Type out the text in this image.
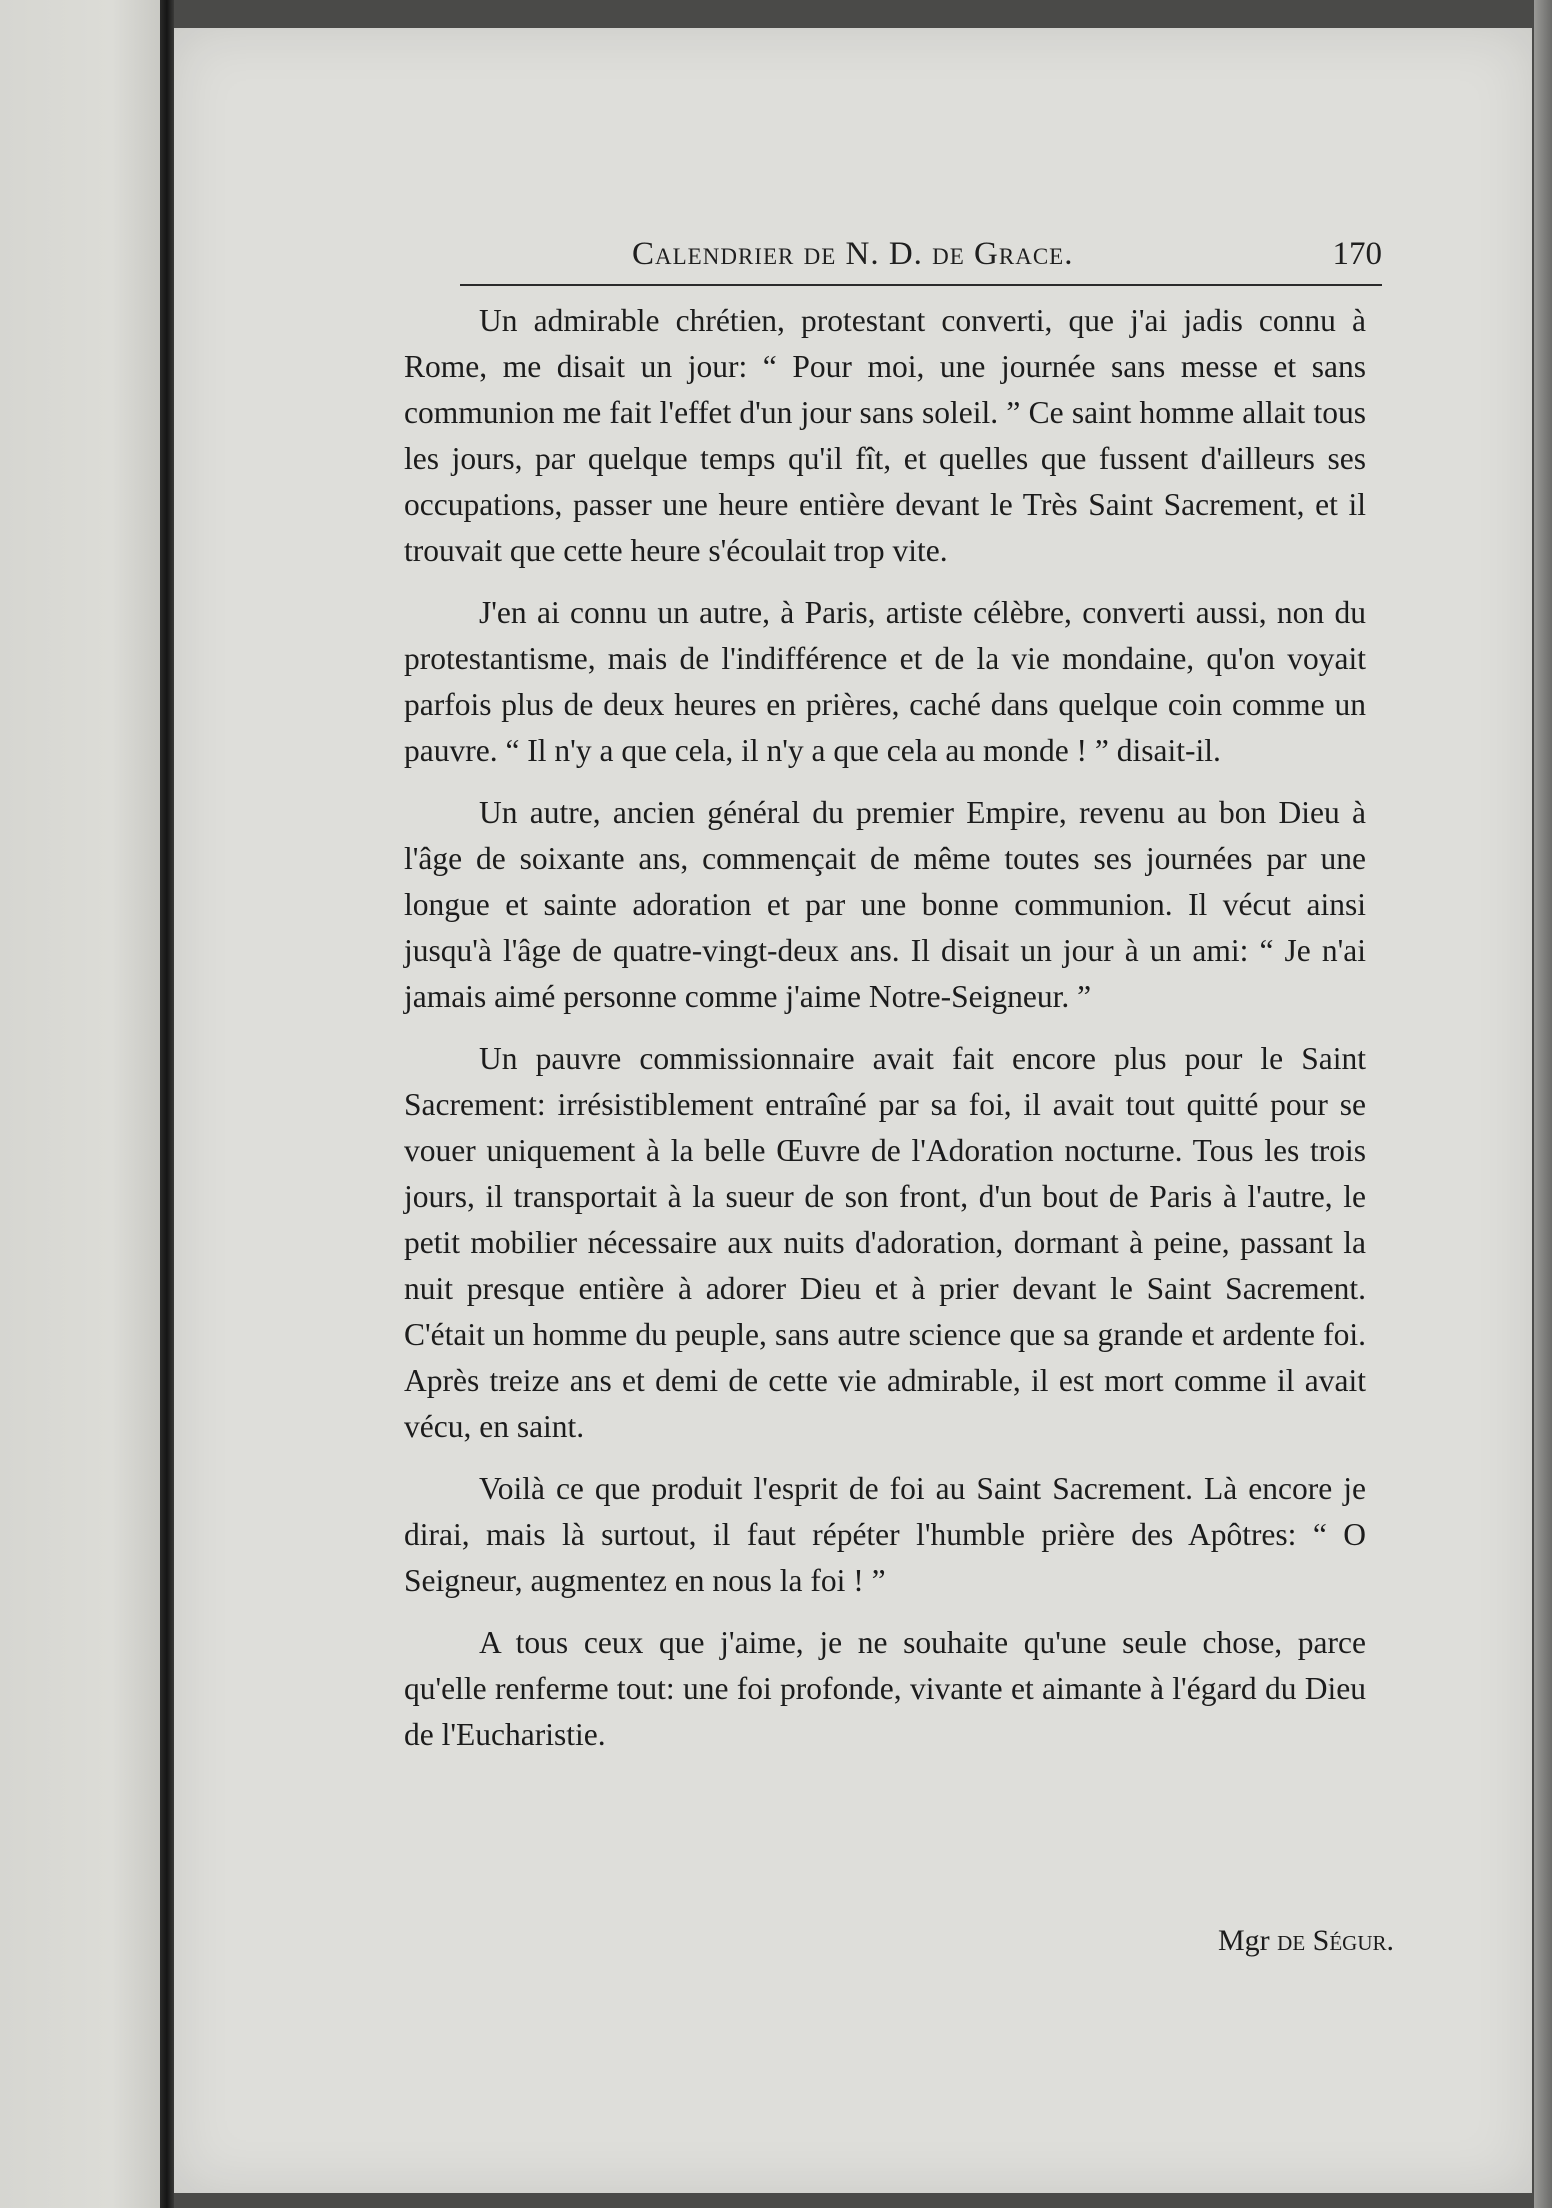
Calendrier de N. D. de Grace.	170

Un admirable chrétien, protestant converti, que j'ai jadis connu à Rome, me disait un jour: “ Pour moi, une journée sans messe et sans communion me fait l'effet d'un jour sans soleil. ” Ce saint homme allait tous les jours, par quelque temps qu'il fît, et quelles que fussent d'ailleurs ses occupations, passer une heure entière devant le Très Saint Sacrement, et il trouvait que cette heure s'écoulait trop vite.

J'en ai connu un autre, à Paris, artiste célèbre, converti aussi, non du protestantisme, mais de l'indifférence et de la vie mondaine, qu'on voyait parfois plus de deux heures en prières, caché dans quelque coin comme un pauvre. “ Il n'y a que cela, il n'y a que cela au monde ! ” disait-il.

Un autre, ancien général du premier Empire, revenu au bon Dieu à l'âge de soixante ans, commençait de même toutes ses journées par une longue et sainte adoration et par une bonne communion. Il vécut ainsi jusqu'à l'âge de quatre-vingt-deux ans. Il disait un jour à un ami: “ Je n'ai jamais aimé personne comme j'aime Notre-Seigneur. ”

Un pauvre commissionnaire avait fait encore plus pour le Saint Sacrement: irrésistiblement entraîné par sa foi, il avait tout quitté pour se vouer uniquement à la belle Œuvre de l'Adoration nocturne. Tous les trois jours, il transportait à la sueur de son front, d'un bout de Paris à l'autre, le petit mobilier nécessaire aux nuits d'adoration, dormant à peine, passant la nuit presque entière à adorer Dieu et à prier devant le Saint Sacrement. C'était un homme du peuple, sans autre science que sa grande et ardente foi. Après treize ans et demi de cette vie admirable, il est mort comme il avait vécu, en saint.

Voilà ce que produit l'esprit de foi au Saint Sacrement. Là encore je dirai, mais là surtout, il faut répéter l'humble prière des Apôtres: “ O Seigneur, augmentez en nous la foi ! ”

A tous ceux que j'aime, je ne souhaite qu'une seule chose, parce qu'elle renferme tout: une foi profonde, vivante et aimante à l'égard du Dieu de l'Eucharistie.

Mgr de Ségur.
